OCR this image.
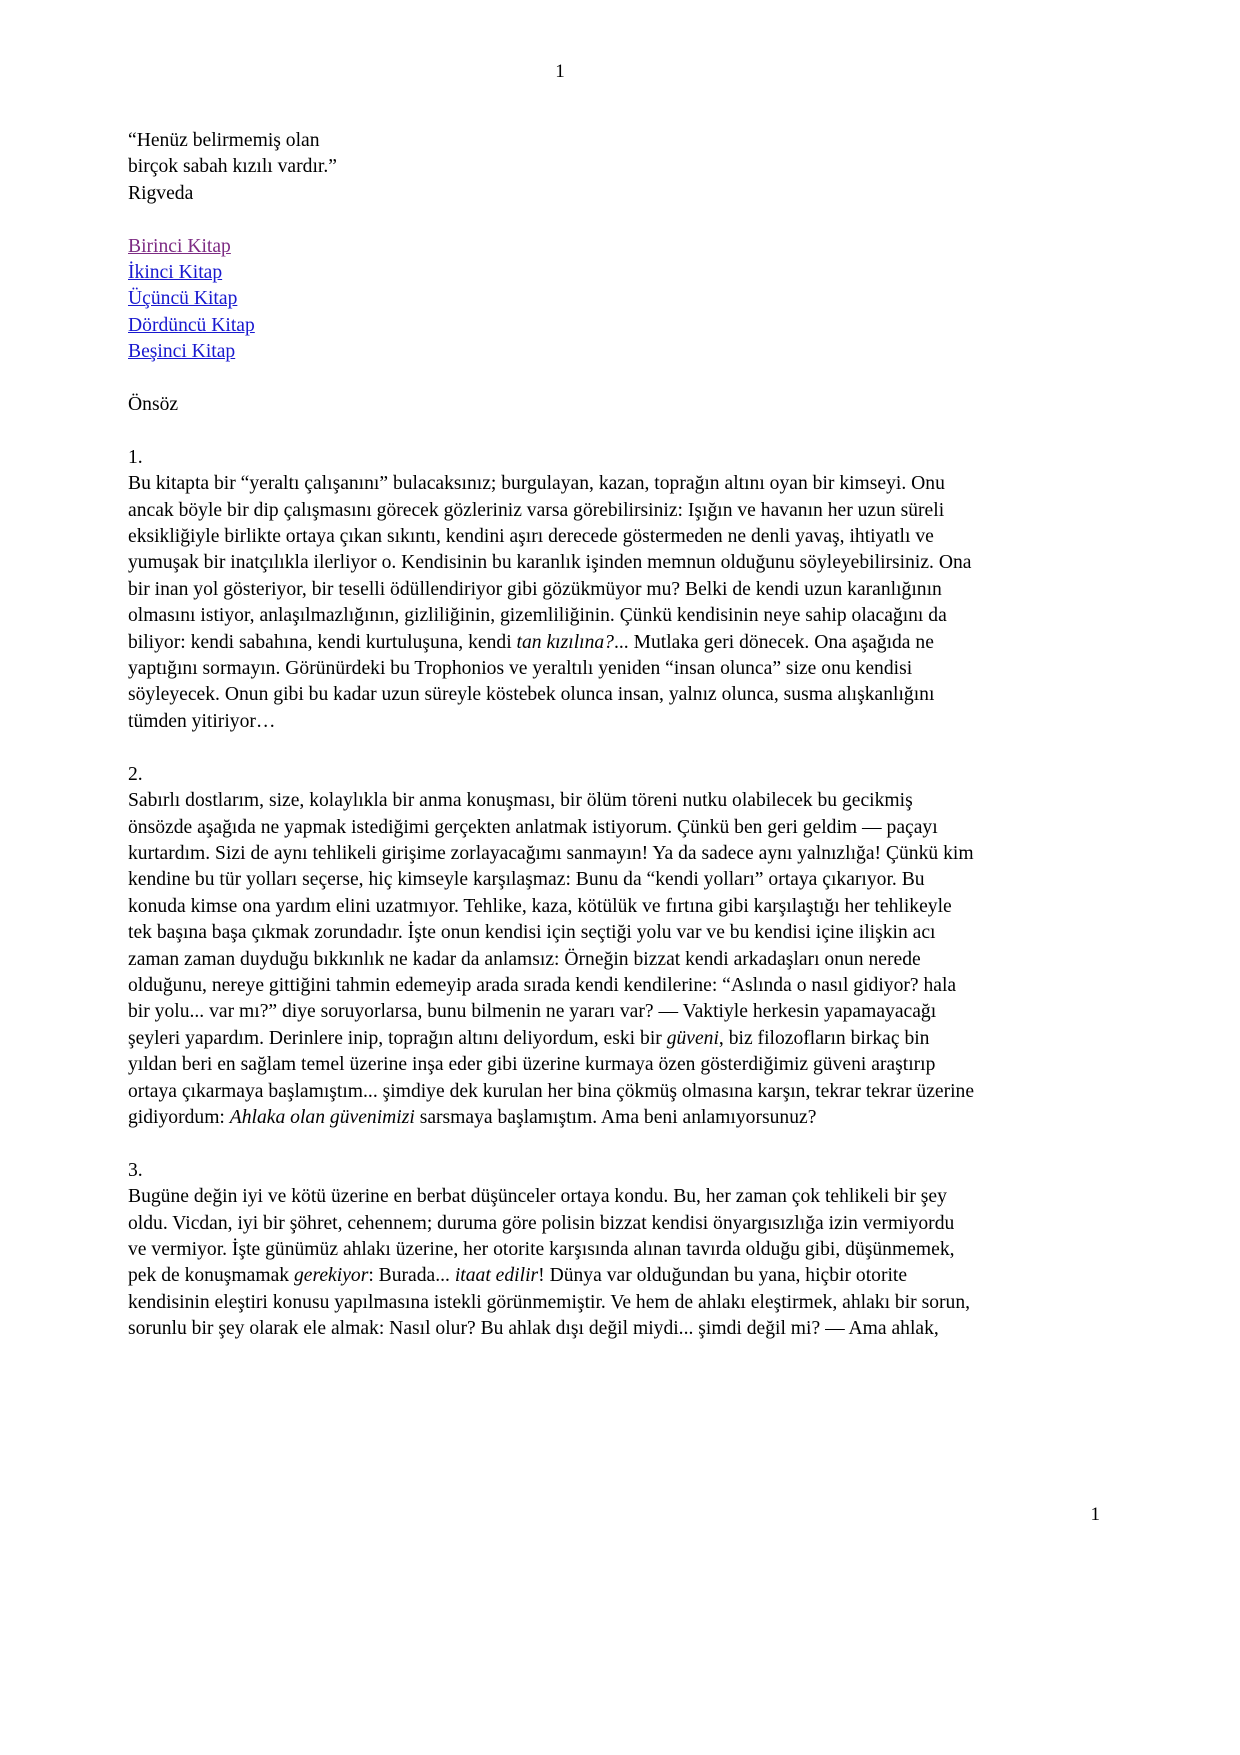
1
“Henüz belirmemiş olan
birçok sabah kızılı vardır.”
Rigveda
Birinci Kitap
İkinci Kitap
Üçüncü Kitap
Dördüncü Kitap
Beşinci Kitap

Önsöz

1.

Bu kitapta bir “yeraltı çalışanını” bulacaksınız; burgulayan, kazan, toprağın altını oyan bir kimseyi. Onu ancak böyle bir dip çalışmasını görecek gözleriniz varsa görebilirsiniz: Işığın ve havanın her uzun süreli eksikliğiyle birlikte ortaya çıkan sıkıntı, kendini aşırı derecede göstermeden ne denli yavaş, ihtiyatlı ve yumuşak bir inatçılıkla ilerliyor o. Kendisinin bu karanlık işinden memnun olduğunu söyleyebilirsiniz. Ona bir inan yol gösteriyor, bir teselli ödüllendiriyor gibi gözükmüyor mu? Belki de kendi uzun karanlığının olmasını istiyor, anlaşılmazlığının, gizliliğinin, gizemliliğinin. Çünkü kendisinin neye sahip olacağını da biliyor: kendi sabahına, kendi kurtuluşuna, kendi tan kızılına?... Mutlaka geri dönecek. Ona aşağıda ne yaptığını sormayın. Görünürdeki bu Trophonios ve yeraltılı yeniden “insan olunca” size onu kendisi söyleyecek. Onun gibi bu kadar uzun süreyle köstebek olunca insan, yalnız olunca, susma alışkanlığını tümden yitiriyor…

2.

Sabırlı dostlarım, size, kolaylıkla bir anma konuşması, bir ölüm töreni nutku olabilecek bu gecikmiş önsözde aşağıda ne yapmak istediğimi gerçekten anlatmak istiyorum. Çünkü ben geri geldim — paçayı kurtardım. Sizi de aynı tehlikeli girişime zorlayacağımı sanmayın! Ya da sadece aynı yalnızlığa! Çünkü kim kendine bu tür yolları seçerse, hiç kimseyle karşılaşmaz: Bunu da “kendi yolları” ortaya çıkarıyor. Bu konuda kimse ona yardım elini uzatmıyor. Tehlike, kaza, kötülük ve fırtına gibi karşılaştığı her tehlikeyle tek başına başa çıkmak zorundadır. İşte onun kendisi için seçtiği yolu var ve bu kendisi içine ilişkin acı zaman zaman duyduğu bıkkınlık ne kadar da anlamsız: Örneğin bizzat kendi arkadaşları onun nerede olduğunu, nereye gittiğini tahmin edemeyip arada sırada kendi kendilerine: “Aslında o nasıl gidiyor? hala bir yolu... var mı?” diye soruyorlarsa, bunu bilmenin ne yararı var? — Vaktiyle herkesin yapamayacağı şeyleri yapardım. Derinlere inip, toprağın altını deliyordum, eski bir güveni, biz filozofların birkaç bin yıldan beri en sağlam temel üzerine inşa eder gibi üzerine kurmaya özen gösterdiğimiz güveni araştırıp ortaya çıkarmaya başlamıştım... şimdiye dek kurulan her bina çökmüş olmasına karşın, tekrar tekrar üzerine gidiyordum: Ahlaka olan güvenimizi sarsmaya başlamıştım. Ama beni anlamıyorsunuz?

3.

Bugüne değin iyi ve kötü üzerine en berbat düşünceler ortaya kondu. Bu, her zaman çok tehlikeli bir şey oldu. Vicdan, iyi bir şöhret, cehennem; duruma göre polisin bizzat kendisi önyargısızlığa izin vermiyordu ve vermiyor. İşte günümüz ahlakı üzerine, her otorite karşısında alınan tavırda olduğu gibi, düşünmemek, pek de konuşmamak gerekiyor: Burada... itaat edilir! Dünya var olduğundan bu yana, hiçbir otorite kendisinin eleştiri konusu yapılmasına istekli görünmemiştir. Ve hem de ahlakı eleştirmek, ahlakı bir sorun, sorunlu bir şey olarak ele almak: Nasıl olur? Bu ahlak dışı değil miydi... şimdi değil mi? — Ama ahlak,

1
